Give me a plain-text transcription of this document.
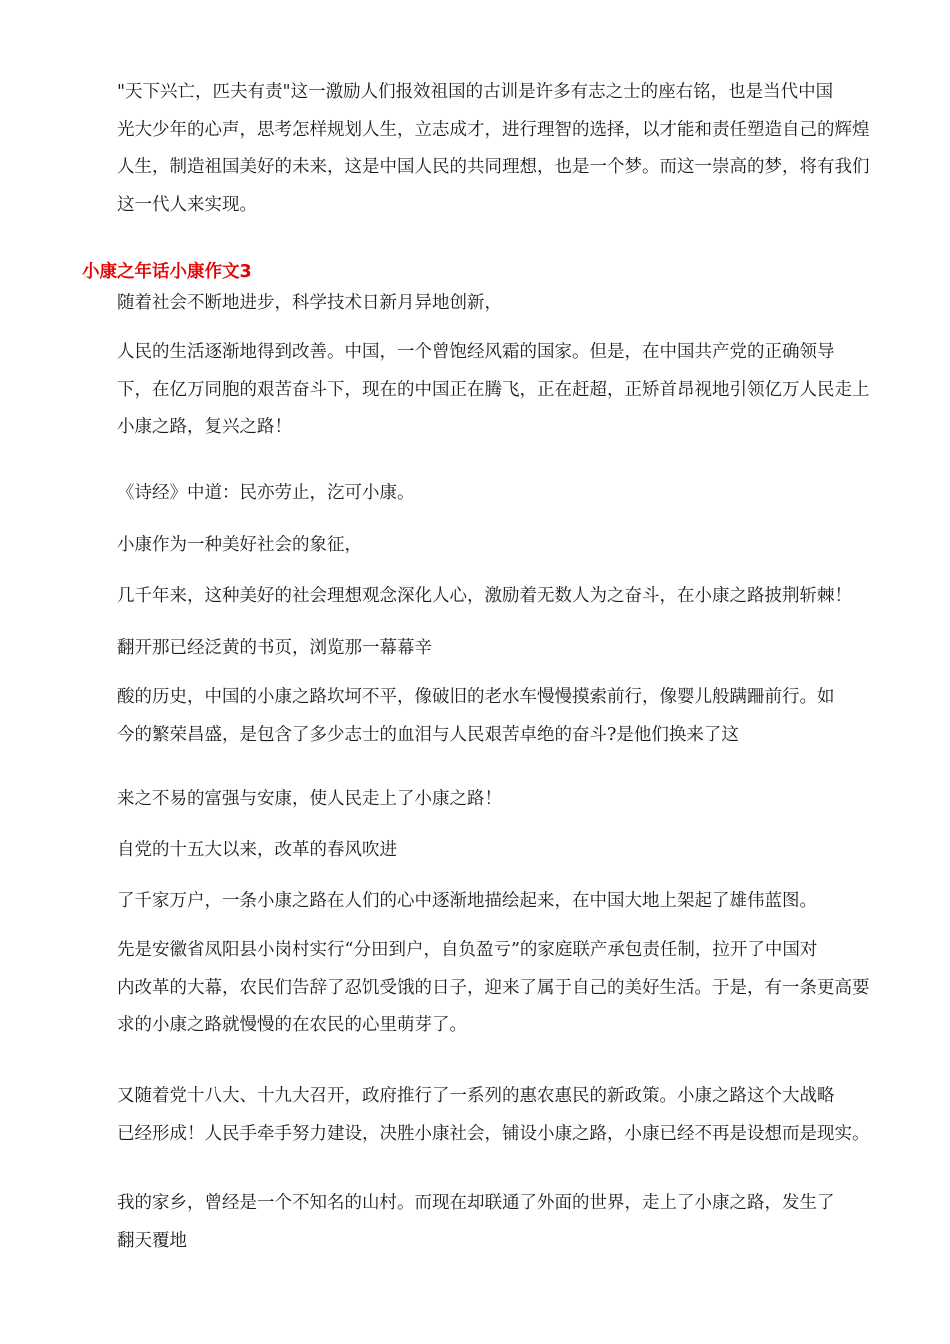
"天下兴亡，匹夫有责"这一激励人们报效祖国的古训是许多有志之士的座右铭，也是当代中国
光大少年的心声，思考怎样规划人生，立志成才，进行理智的选择，以才能和责任塑造自己的辉煌
人生，制造祖国美好的未来，这是中国人民的共同理想，也是一个梦。而这一崇高的梦，将有我们
这一代人来实现。
小康之年话小康作文3
随着社会不断地进步，科学技术日新月异地创新，
人民的生活逐渐地得到改善。中国，一个曾饱经风霜的国家。但是，在中国共产党的正确领导
下，在亿万同胞的艰苦奋斗下，现在的中国正在腾飞，正在赶超，正矫首昂视地引领亿万人民走上
小康之路，复兴之路！
《诗经》中道：民亦劳止，汔可小康。
小康作为一种美好社会的象征，
几千年来，这种美好的社会理想观念深化人心，激励着无数人为之奋斗，在小康之路披荆斩棘！
翻开那已经泛黄的书页，浏览那一幕幕辛
酸的历史，中国的小康之路坎坷不平，像破旧的老水车慢慢摸索前行，像婴儿般蹒跚前行。如
今的繁荣昌盛，是包含了多少志士的血泪与人民艰苦卓绝的奋斗?是他们换来了这
来之不易的富强与安康，使人民走上了小康之路！
自党的十五大以来，改革的春风吹进
了千家万户，一条小康之路在人们的心中逐渐地描绘起来，在中国大地上架起了雄伟蓝图。
先是安徽省凤阳县小岗村实行“分田到户，自负盈亏”的家庭联产承包责任制，拉开了中国对
内改革的大幕，农民们告辞了忍饥受饿的日子，迎来了属于自己的美好生活。于是，有一条更高要
求的小康之路就慢慢的在农民的心里萌芽了。
又随着党十八大、十九大召开，政府推行了一系列的惠农惠民的新政策。小康之路这个大战略
已经形成！人民手牵手努力建设，决胜小康社会，铺设小康之路，小康已经不再是设想而是现实。
我的家乡，曾经是一个不知名的山村。而现在却联通了外面的世界，走上了小康之路，发生了
翻天覆地
